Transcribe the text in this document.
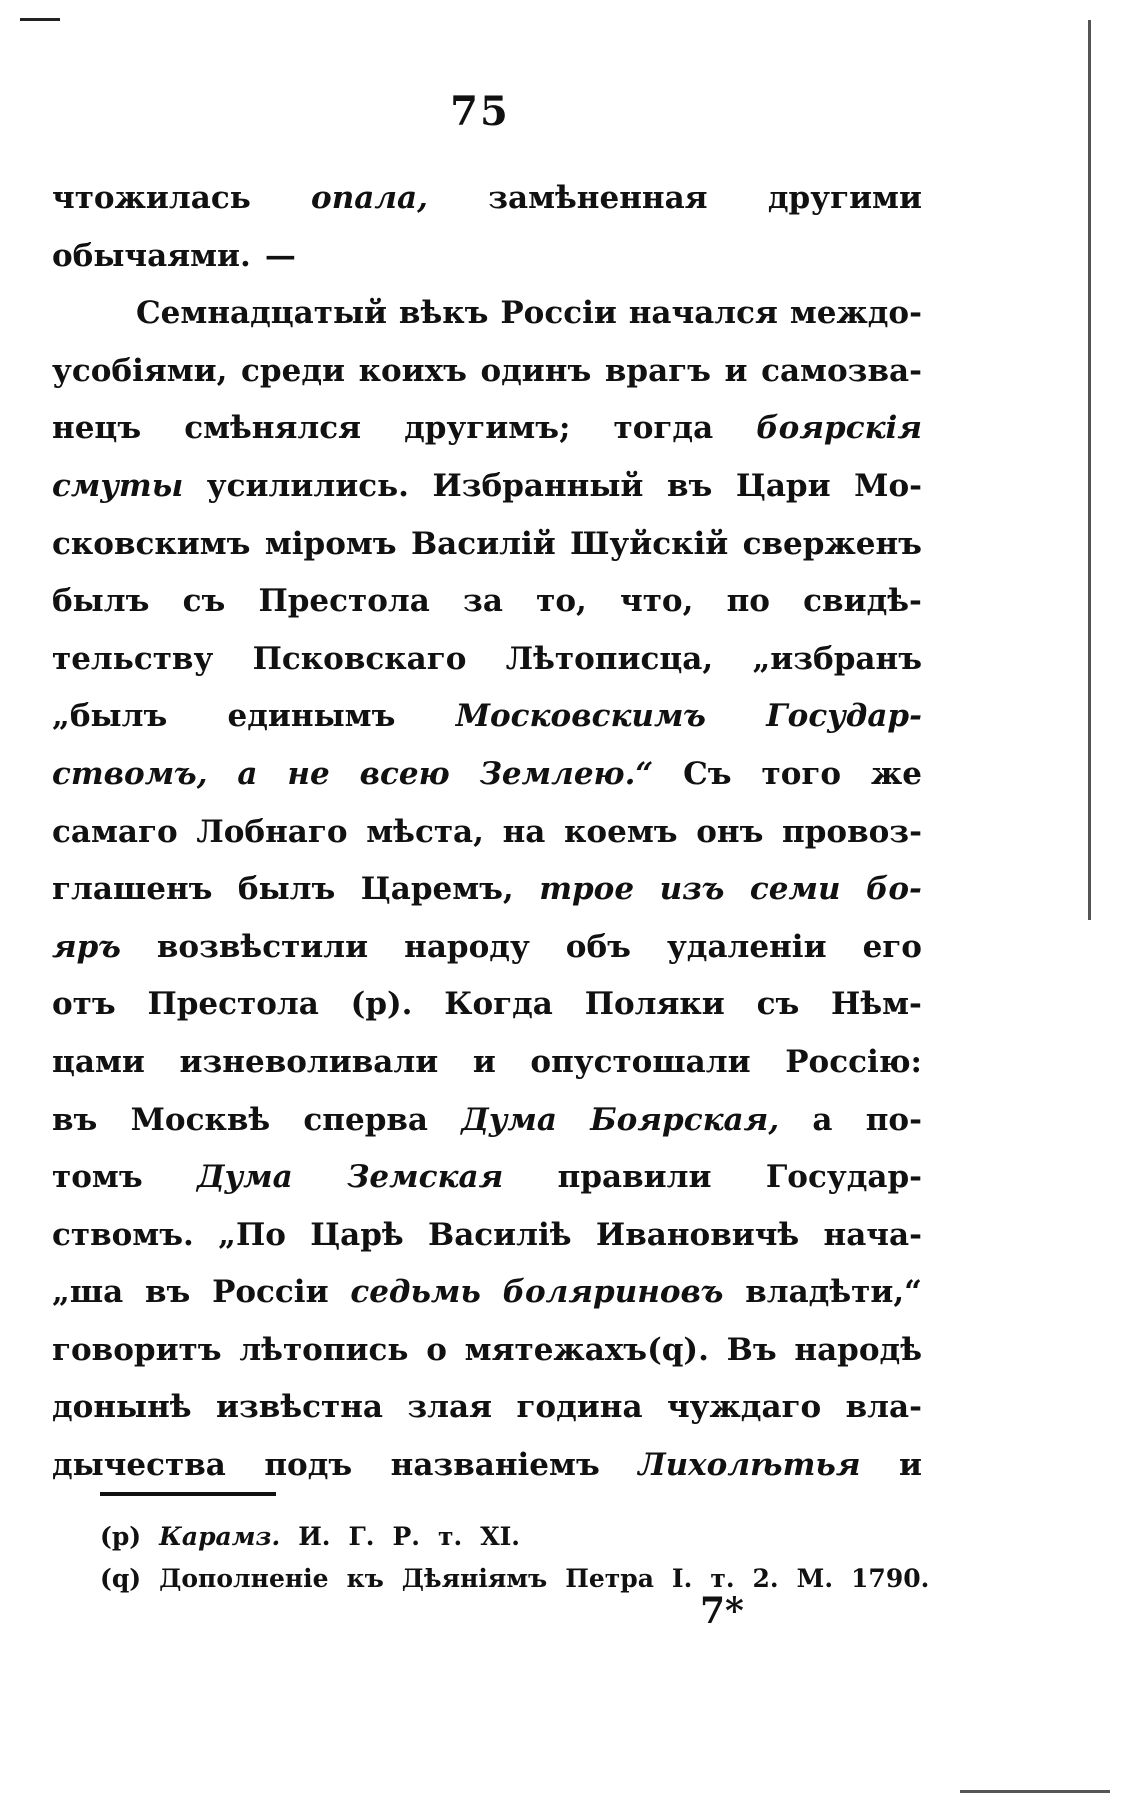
75
чтожилась опала, замѣненная другими
обычаями. —
Семнадцатый вѣкъ Россіи начался междо-
усобіями, среди коихъ одинъ врагъ и самозва-
нецъ смѣнялся другимъ; тогда боярскія
смуты усилились. Избранный въ Цари Мо-
сковскимъ міромъ Василій Шуйскій сверженъ
былъ съ Престола за то, что, по свидѣ-
тельству Псковскаго Лѣтописца, „избранъ
„былъ единымъ Московскимъ Государ-
ствомъ, а не всею Землею.“ Съ того же
самаго Лобнаго мѣста, на коемъ онъ провоз-
глашенъ былъ Царемъ, трое изъ семи бо-
яръ возвѣстили народу объ удаленіи его
отъ Престола (р). Когда Поляки съ Нѣм-
цами изневоливали и опустошали Россію:
въ Москвѣ сперва Дума Боярская, а по-
томъ Дума Земская правили Государ-
ствомъ. „По Царѣ Василіѣ Ивановичѣ нача-
„ша въ Россіи седьмь боляриновъ владѣти,“
говоритъ лѣтопись о мятежахъ(q). Въ народѣ
донынѣ извѣстна злая година чуждаго вла-
дычества подъ названіемъ Лихолѣтья и
(р) Карамз. И. Г. Р. т. XI.
(q) Дополненіе къ Дѣяніямъ Петра I. т. 2. М. 1790.
7*
